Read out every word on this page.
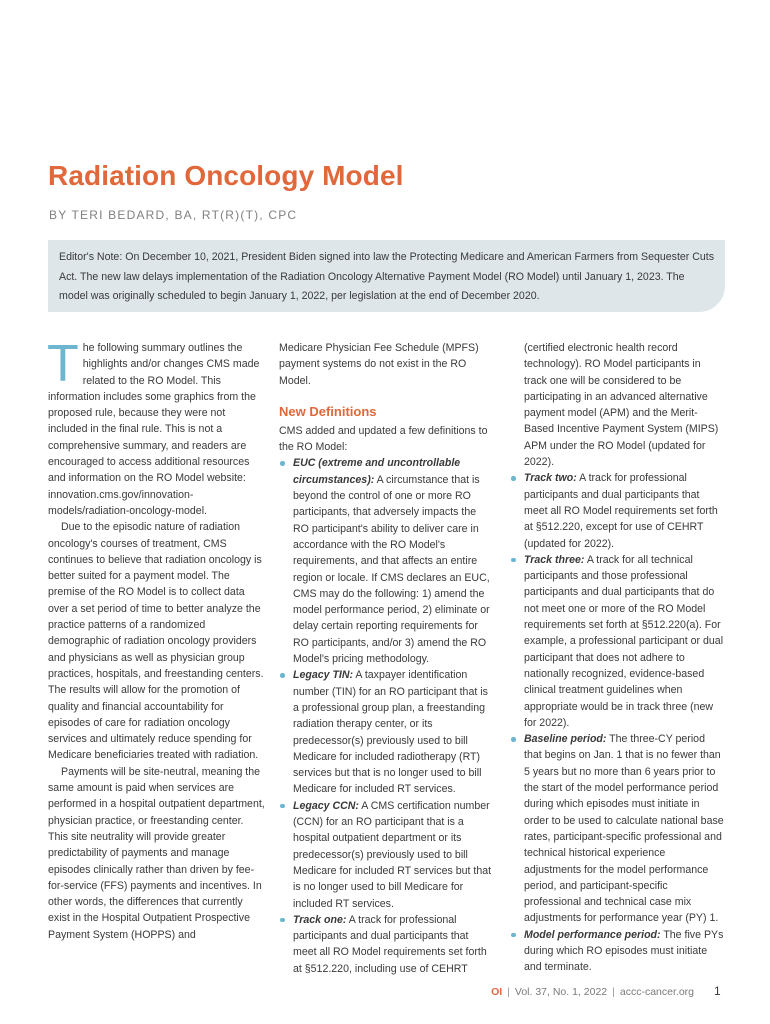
Radiation Oncology Model
BY TERI BEDARD, BA, RT(R)(T), CPC
Editor's Note: On December 10, 2021, President Biden signed into law the Protecting Medicare and American Farmers from Sequester Cuts Act. The new law delays implementation of the Radiation Oncology Alternative Payment Model (RO Model) until January 1, 2023. The model was originally scheduled to begin January 1, 2022, per legislation at the end of December 2020.

The following summary outlines the highlights and/or changes CMS made related to the RO Model. This information includes some graphics from the proposed rule, because they were not included in the final rule. This is not a comprehensive summary, and readers are encouraged to access additional resources and information on the RO Model website: innovation.cms.gov/innovation-models/radiation-oncology-model.

Due to the episodic nature of radiation oncology's courses of treatment, CMS continues to believe that radiation oncology is better suited for a payment model. The premise of the RO Model is to collect data over a set period of time to better analyze the practice patterns of a randomized demographic of radiation oncology providers and physicians as well as physician group practices, hospitals, and freestanding centers. The results will allow for the promotion of quality and financial accountability for episodes of care for radiation oncology services and ultimately reduce spending for Medicare beneficiaries treated with radiation.

Payments will be site-neutral, meaning the same amount is paid when services are performed in a hospital outpatient department, physician practice, or freestanding center. This site neutrality will provide greater predictability of payments and manage episodes clinically rather than driven by fee-for-service (FFS) payments and incentives. In other words, the differences that currently exist in the Hospital Outpatient Prospective Payment System (HOPPS) and

Medicare Physician Fee Schedule (MPFS) payment systems do not exist in the RO Model.

New Definitions

CMS added and updated a few definitions to the RO Model:

EUC (extreme and uncontrollable circumstances): A circumstance that is beyond the control of one or more RO participants, that adversely impacts the RO participant's ability to deliver care in accordance with the RO Model's requirements, and that affects an entire region or locale. If CMS declares an EUC, CMS may do the following: 1) amend the model performance period, 2) eliminate or delay certain reporting requirements for RO participants, and/or 3) amend the RO Model's pricing methodology.
Legacy TIN: A taxpayer identification number (TIN) for an RO participant that is a professional group plan, a freestanding radiation therapy center, or its predecessor(s) previously used to bill Medicare for included radiotherapy (RT) services but that is no longer used to bill Medicare for included RT services.
Legacy CCN: A CMS certification number (CCN) for an RO participant that is a hospital outpatient department or its predecessor(s) previously used to bill Medicare for included RT services but that is no longer used to bill Medicare for included RT services.
Track one: A track for professional participants and dual participants that meet all RO Model requirements set forth at §512.220, including use of CEHRT

(certified electronic health record technology). RO Model participants in track one will be considered to be participating in an advanced alternative payment model (APM) and the Merit-Based Incentive Payment System (MIPS) APM under the RO Model (updated for 2022).

Track two: A track for professional participants and dual participants that meet all RO Model requirements set forth at §512.220, except for use of CEHRT (updated for 2022).
Track three: A track for all technical participants and those professional participants and dual participants that do not meet one or more of the RO Model requirements set forth at §512.220(a). For example, a professional participant or dual participant that does not adhere to nationally recognized, evidence-based clinical treatment guidelines when appropriate would be in track three (new for 2022).
Baseline period: The three-CY period that begins on Jan. 1 that is no fewer than 5 years but no more than 6 years prior to the start of the model performance period during which episodes must initiate in order to be used to calculate national base rates, participant-specific professional and technical historical experience adjustments for the model performance period, and participant-specific professional and technical case mix adjustments for performance year (PY) 1.
Model performance period: The five PYs during which RO episodes must initiate and terminate.
OI | Vol. 37, No. 1, 2022 | accc-cancer.org 1
